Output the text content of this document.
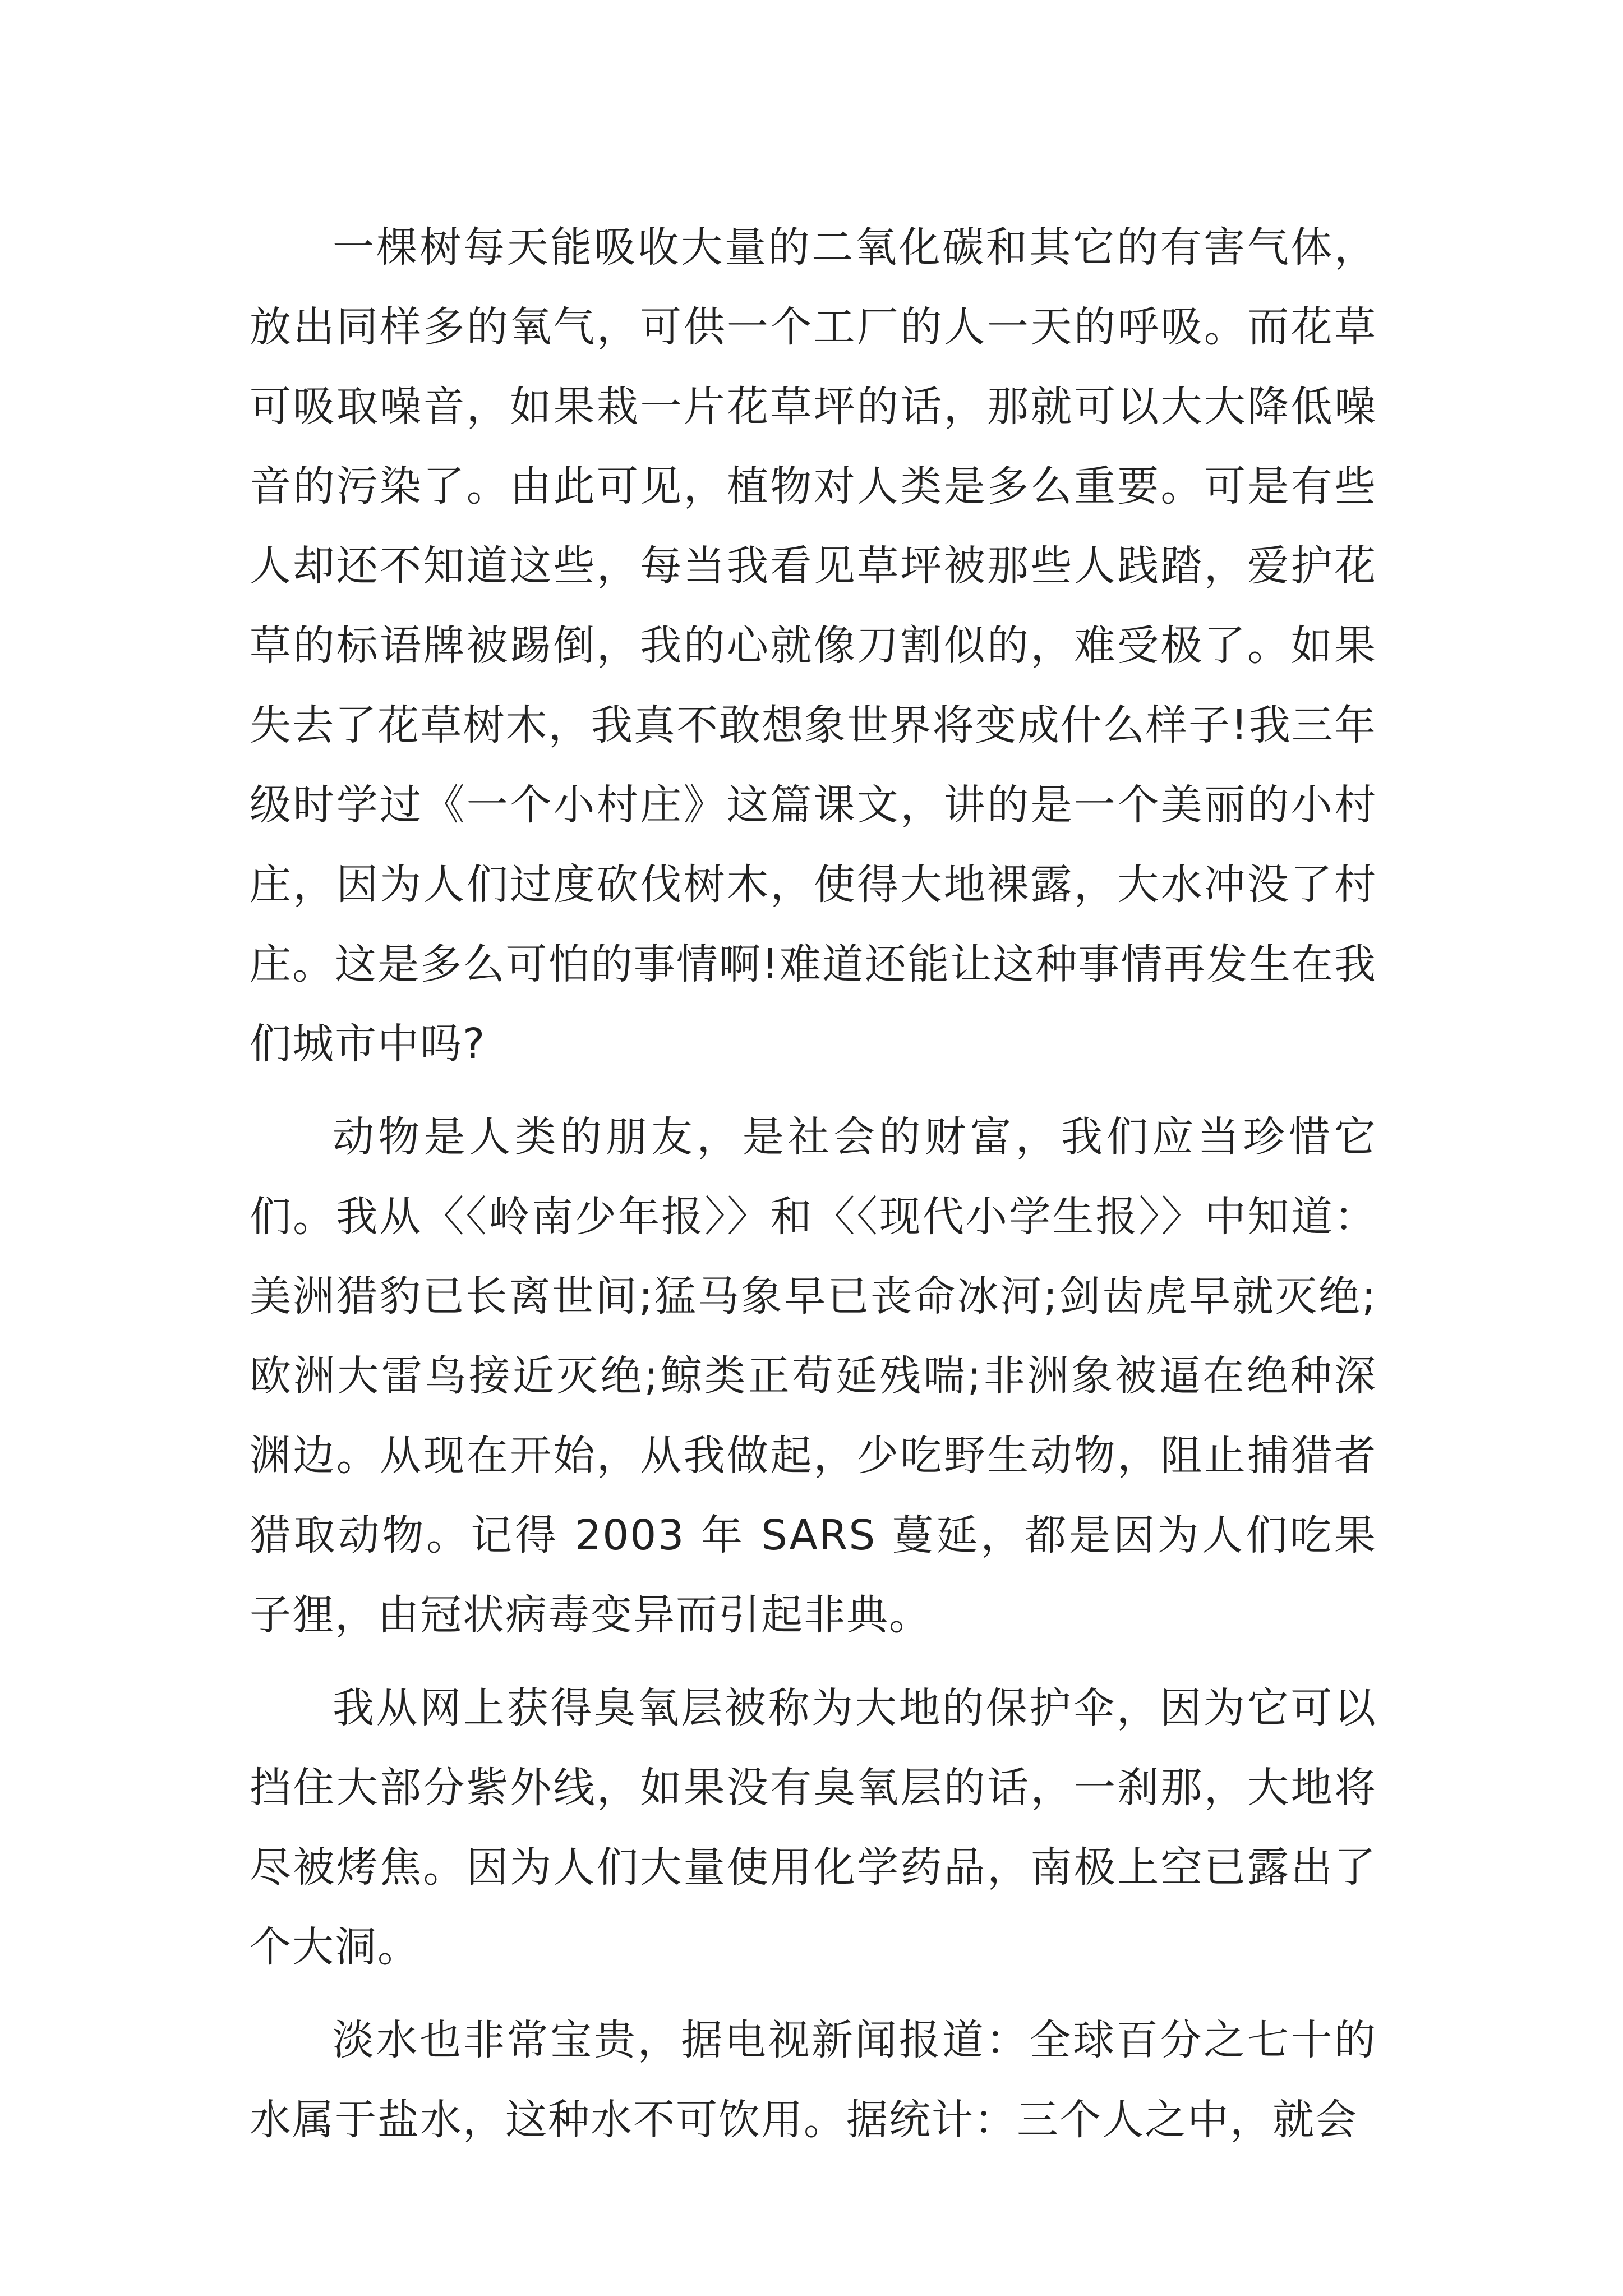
一棵树每天能吸收大量的二氧化碳和其它的有害气体，放出同样多的氧气，可供一个工厂的人一天的呼吸。而花草可吸取噪音，如果栽一片花草坪的话，那就可以大大降低噪音的污染了。由此可见，植物对人类是多么重要。可是有些人却还不知道这些，每当我看见草坪被那些人践踏，爱护花草的标语牌被踢倒，我的心就像刀割似的，难受极了。如果失去了花草树木，我真不敢想象世界将变成什么样子!我三年级时学过《一个小村庄》这篇课文，讲的是一个美丽的小村庄，因为人们过度砍伐树木，使得大地裸露，大水冲没了村庄。这是多么可怕的事情啊!难道还能让这种事情再发生在我们城市中吗?

动物是人类的朋友，是社会的财富，我们应当珍惜它们。我从〈〈岭南少年报〉〉和〈〈现代小学生报〉〉中知道：美洲猎豹已长离世间;猛马象早已丧命冰河;剑齿虎早就灭绝;欧洲大雷鸟接近灭绝;鲸类正苟延残喘;非洲象被逼在绝种深渊边。从现在开始，从我做起，少吃野生动物，阻止捕猎者猎取动物。记得 2003 年 SARS 蔓延，都是因为人们吃果子狸，由冠状病毒变异而引起非典。

我从网上获得臭氧层被称为大地的保护伞，因为它可以挡住大部分紫外线，如果没有臭氧层的话，一刹那，大地将尽被烤焦。因为人们大量使用化学药品，南极上空已露出了个大洞。

淡水也非常宝贵，据电视新闻报道：全球百分之七十的水属于盐水，这种水不可饮用。据统计：三个人之中，就会
